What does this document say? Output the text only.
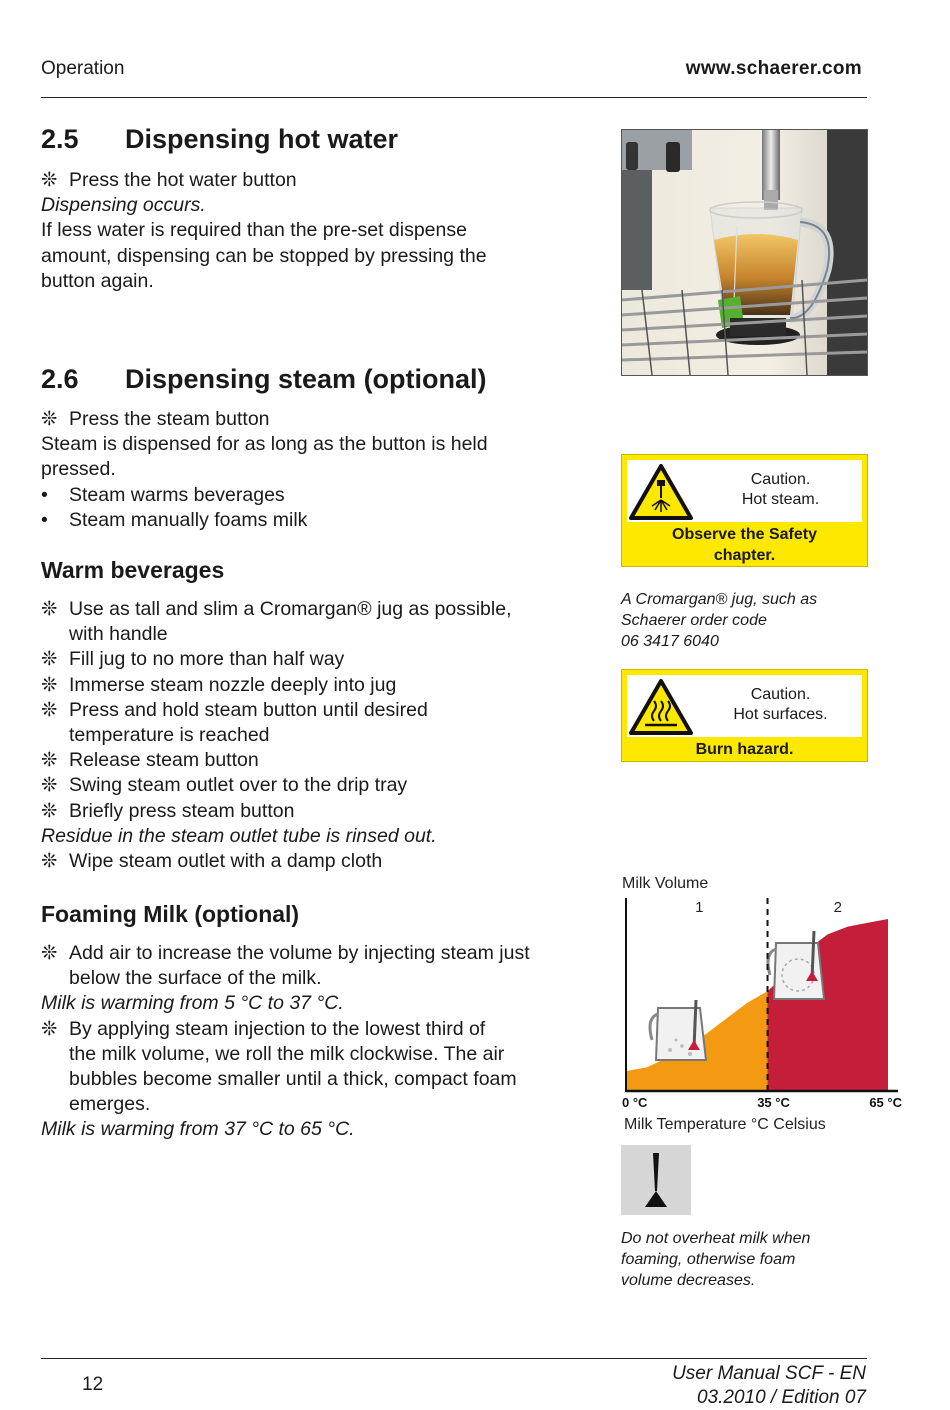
Operation	www.schaerer.com
2.5 Dispensing hot water
❊ Press the hot water button
Dispensing occurs.
If less water is required than the pre-set dispense
amount, dispensing can be stopped by pressing the
button again.
2.6 Dispensing steam (optional)
❊ Press the steam button
Steam is dispensed for as long as the button is held
pressed.
• Steam warms beverages
• Steam manually foams milk
Warm beverages
❊ Use as tall and slim a Cromargan® jug as possible,
with handle
❊ Fill jug to no more than half way
❊ Immerse steam nozzle deeply into jug
❊ Press and hold steam button until desired
temperature is reached
❊ Release steam button
❊ Swing steam outlet over to the drip tray
❊ Briefly press steam button
Residue in the steam outlet tube is rinsed out.
❊ Wipe steam outlet with a damp cloth
Foaming Milk (optional)
❊ Add air to increase the volume by injecting steam just
below the surface of the milk.
Milk is warming from 5 °C to 37 °C.
❊ By applying steam injection to the lowest third of
the milk volume, we roll the milk clockwise. The air
bubbles become smaller until a thick, compact foam
emerges.
Milk is warming from 37 °C to 65 °C.
Caution.
Hot steam.
Observe the Safety
chapter.
A Cromargan® jug, such as
Schaerer order code
06 3417 6040
Caution.
Hot surfaces.
Burn hazard.
Milk Volume
1	2
0 °C	35 °C	65 °C
Milk Temperature °C Celsius
Do not overheat milk when
foaming, otherwise foam
volume decreases.
12
User Manual SCF - EN
03.2010 / Edition 07
